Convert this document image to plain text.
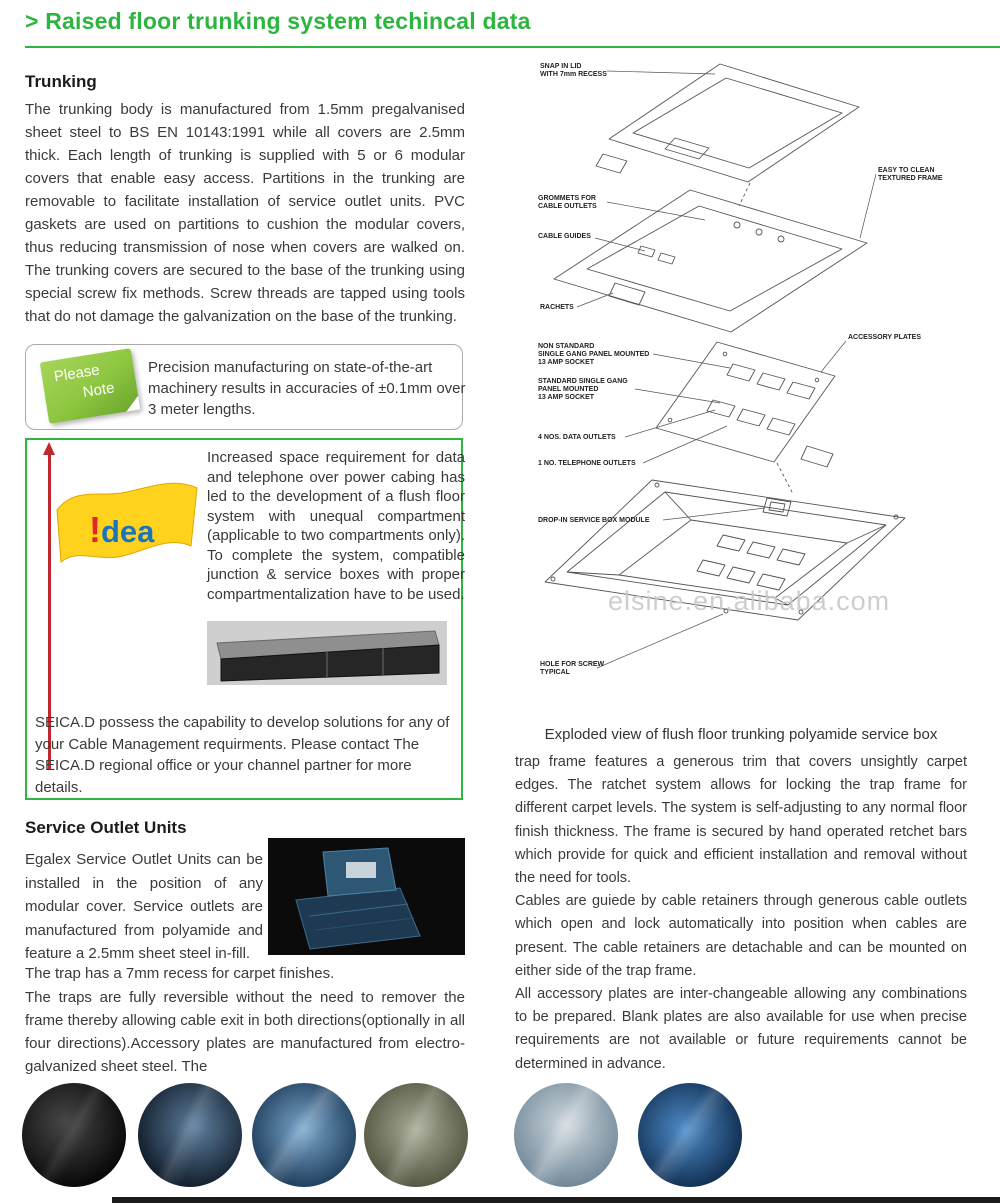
> Raised floor trunking system techincal data
Trunking
The trunking body is manufactured from 1.5mm pregalvanised sheet steel to BS EN 10143:1991 while all covers are 2.5mm thick. Each length of trunking is supplied with 5 or 6 modular covers that enable easy access. Partitions in the trunking are removable to facilitate installation of service outlet units. PVC gaskets are used on partitions to cushion the modular covers, thus reducing transmission of nose when covers are walked on. The trunking covers are secured to the base of the trunking using special screw fix methods. Screw threads are tapped using tools that do not damage the galvanization on the base of the trunking.
Please
Note
Precision manufacturing on state-of-the-art machinery results in accuracies of ±0.1mm over 3 meter lengths.
! dea
Increased space requirement for data and telephone over power cabing has led to the development of a flush floor system with unequal compartment (applicable to two compartments only). To complete the system, compatible junction & service boxes with proper compartmentalization have to be used.
SEICA.D possess the capability to develop solutions for any of your Cable Management requirments. Please contact The SEICA.D regional office or your channel partner for more details.
Service Outlet Units
Egalex Service Outlet Units can be installed in the position of any modular cover. Service outlets are manufactured from polyamide and feature a 2.5mm sheet steel in-fill.
The trap has a 7mm recess for carpet finishes.
The traps are fully reversible without the need to remover the frame thereby allowing cable exit in both directions(optionally in all four directions).Accessory plates are manufactured from electro-galvanized sheet steel. The
SNAP IN LID
WITH 7mm RECESS
EASY TO CLEAN
TEXTURED FRAME
GROMMETS FOR
CABLE OUTLETS
CABLE GUIDES
RACHETS
ACCESSORY PLATES
NON STANDARD
SINGLE GANG PANEL MOUNTED
13 AMP SOCKET
STANDARD SINGLE GANG
PANEL MOUNTED
13 AMP SOCKET
4 NOS. DATA OUTLETS
1 NO. TELEPHONE OUTLETS
DROP-IN SERVICE BOX MODULE
HOLE FOR SCREW
TYPICAL
elsine.en.alibaba.com
Exploded view of flush floor trunking polyamide service box

trap frame features a generous trim that covers unsightly carpet edges. The ratchet system allows for locking the trap frame for different carpet levels. The system is self-adjusting to any normal floor finish thickness. The frame is secured by hand operated retchet bars which provide for quick and efficient installation and removal without the need for tools.

Cables are guiede by cable retainers through generous cable outlets which open and lock automatically into position when cables are present. The cable retainers are detachable and can be mounted on either side of the trap frame.

All accessory plates are inter-changeable allowing any combinations to be prepared. Blank plates are also available for use when precise requirements are not available or future requirements cannot be determined in advance.
